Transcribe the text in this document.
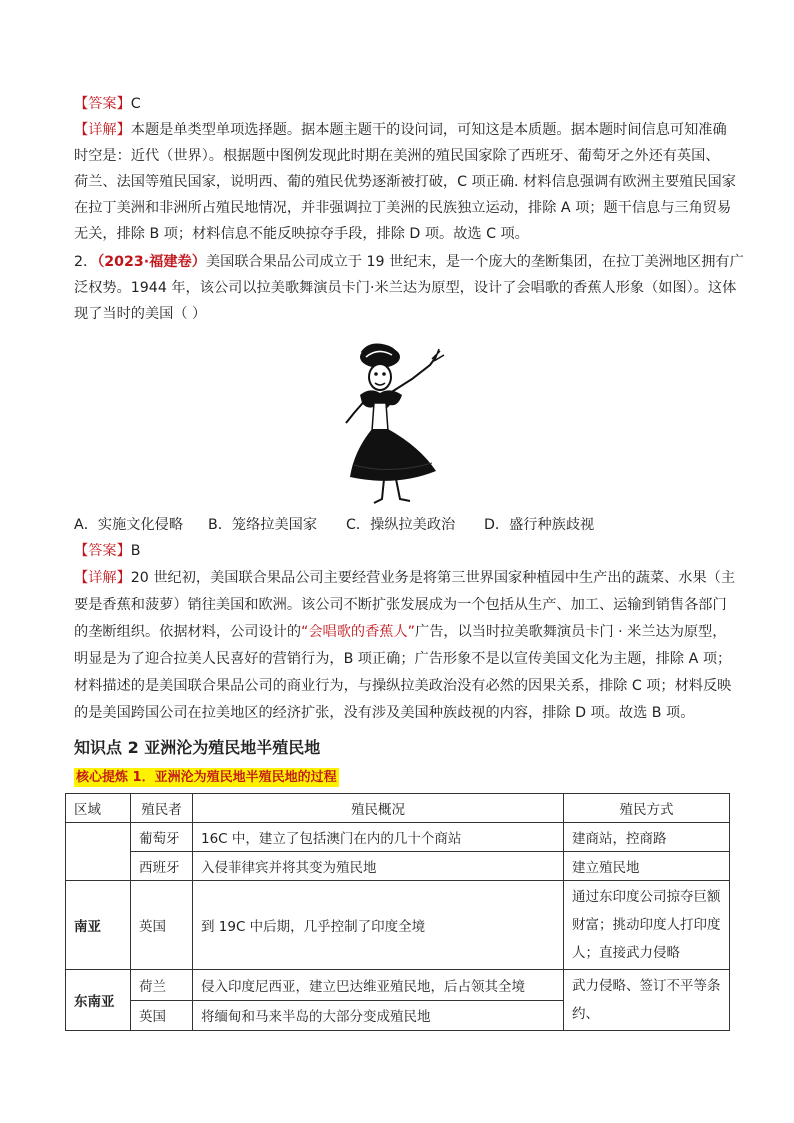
【答案】C
【详解】本题是单类型单项选择题。据本题主题干的设问词，可知这是本质题。据本题时间信息可知准确
时空是：近代（世界）。根据题中图例发现此时期在美洲的殖民国家除了西班牙、葡萄牙之外还有英国、
荷兰、法国等殖民国家，说明西、葡的殖民优势逐渐被打破，C 项正确. 材料信息强调有欧洲主要殖民国家
在拉丁美洲和非洲所占殖民地情况，并非强调拉丁美洲的民族独立运动，排除 A 项；题干信息与三角贸易
无关，排除 B 项；材料信息不能反映掠夺手段，排除 D 项。故选 C 项。
2．（2023·福建卷）美国联合果品公司成立于 19 世纪末，是一个庞大的垄断集团，在拉丁美洲地区拥有广
泛权势。1944 年，该公司以拉美歌舞演员卡门·米兰达为原型，设计了会唱歌的香蕉人形象（如图）。这体
现了当时的美国（ ）
A．实施文化侵略 B．笼络拉美国家 C．操纵拉美政治 D．盛行种族歧视
【答案】B
【详解】20 世纪初，美国联合果品公司主要经营业务是将第三世界国家种植园中生产出的蔬菜、水果（主
要是香蕉和菠萝）销往美国和欧洲。该公司不断扩张发展成为一个包括从生产、加工、运输到销售各部门
的垄断组织。依据材料，公司设计的“会唱歌的香蕉人”广告，以当时拉美歌舞演员卡门 · 米兰达为原型，
明显是为了迎合拉美人民喜好的营销行为，B 项正确；广告形象不是以宣传美国文化为主题，排除 A 项；
材料描述的是美国联合果品公司的商业行为，与操纵拉美政治没有必然的因果关系，排除 C 项；材料反映
的是美国跨国公司在拉美地区的经济扩张，没有涉及美国种族歧视的内容，排除 D 项。故选 B 项。
知识点 2 亚洲沦为殖民地半殖民地
核心提炼 1．亚洲沦为殖民地半殖民地的过程
区域	殖民者	殖民概况	殖民方式
	葡萄牙	16C 中，建立了包括澳门在内的几十个商站	建商站，控商路
	西班牙	入侵菲律宾并将其变为殖民地	建立殖民地
南亚	英国	到 19C 中后期，几乎控制了印度全境	通过东印度公司掠夺巨额财富；挑动印度人打印度人；直接武力侵略
东南亚	荷兰	侵入印度尼西亚，建立巴达维亚殖民地，后占领其全境	武力侵略、签订不平等条约、
	英国	将缅甸和马来半岛的大部分变成殖民地	
